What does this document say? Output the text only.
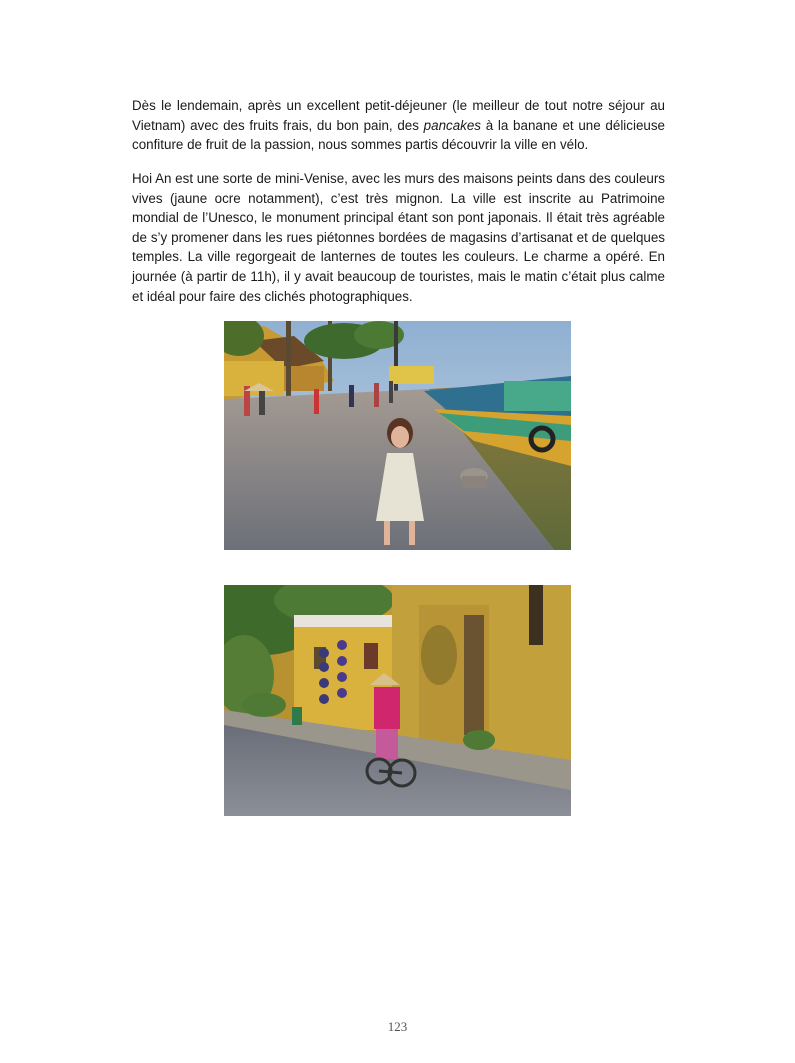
Dès le lendemain, après un excellent petit-déjeuner (le meilleur de tout notre séjour au Vietnam) avec des fruits frais, du bon pain, des pancakes à la banane et une délicieuse confiture de fruit de la passion, nous sommes partis découvrir la ville en vélo.

Hoi An est une sorte de mini-Venise, avec les murs des maisons peints dans des couleurs vives (jaune ocre notamment), c’est très mignon. La ville est inscrite au Patrimoine mondial de l’Unesco, le monument principal étant son pont japonais. Il était très agréable de s’y promener dans les rues piétonnes bordées de magasins d’artisanat et de quelques temples. La ville regorgeait de lanternes de toutes les couleurs. Le charme a opéré. En journée (à partir de 11h), il y avait beaucoup de touristes, mais le matin c’était plus calme et idéal pour faire des clichés photographiques.

123
